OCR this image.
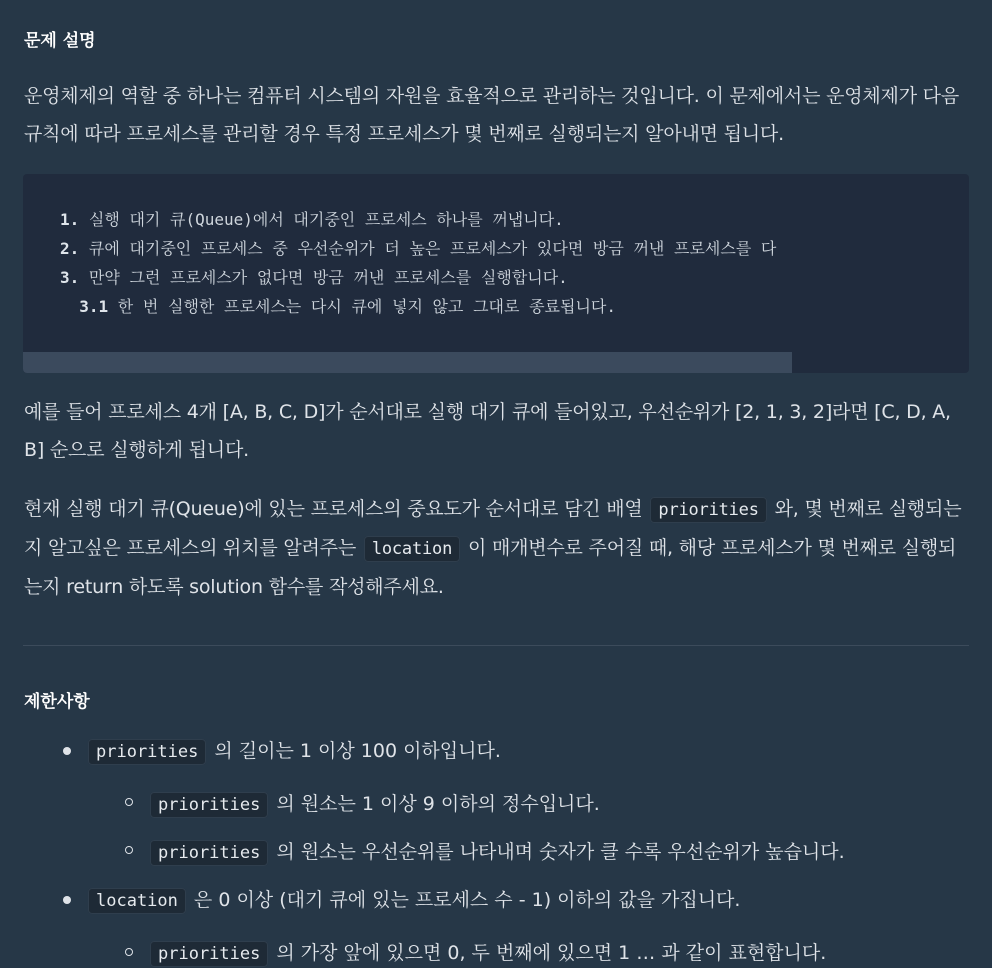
문제 설명

운영체제의 역할 중 하나는 컴퓨터 시스템의 자원을 효율적으로 관리하는 것입니다. 이 문제에서는 운영체제가 다음 규칙에 따라 프로세스를 관리할 경우 특정 프로세스가 몇 번째로 실행되는지 알아내면 됩니다.

1. 실행 대기 큐(Queue)에서 대기중인 프로세스 하나를 꺼냅니다.
2. 큐에 대기중인 프로세스 중 우선순위가 더 높은 프로세스가 있다면 방금 꺼낸 프로세스를 다
3. 만약 그런 프로세스가 없다면 방금 꺼낸 프로세스를 실행합니다.
3.1 한 번 실행한 프로세스는 다시 큐에 넣지 않고 그대로 종료됩니다.

예를 들어 프로세스 4개 [A, B, C, D]가 순서대로 실행 대기 큐에 들어있고, 우선순위가 [2, 1, 3, 2]라면 [C, D, A, B] 순으로 실행하게 됩니다.

현재 실행 대기 큐(Queue)에 있는 프로세스의 중요도가 순서대로 담긴 배열 priorities 와, 몇 번째로 실행되는지 알고싶은 프로세스의 위치를 알려주는 location 이 매개변수로 주어질 때, 해당 프로세스가 몇 번째로 실행되는지 return 하도록 solution 함수를 작성해주세요.

제한사항
priorities 의 길이는 1 이상 100 이하입니다.
priorities 의 원소는 1 이상 9 이하의 정수입니다.
priorities 의 원소는 우선순위를 나타내며 숫자가 클 수록 우선순위가 높습니다.
location 은 0 이상 (대기 큐에 있는 프로세스 수 - 1) 이하의 값을 가집니다.
priorities 의 가장 앞에 있으면 0, 두 번째에 있으면 1 … 과 같이 표현합니다.
